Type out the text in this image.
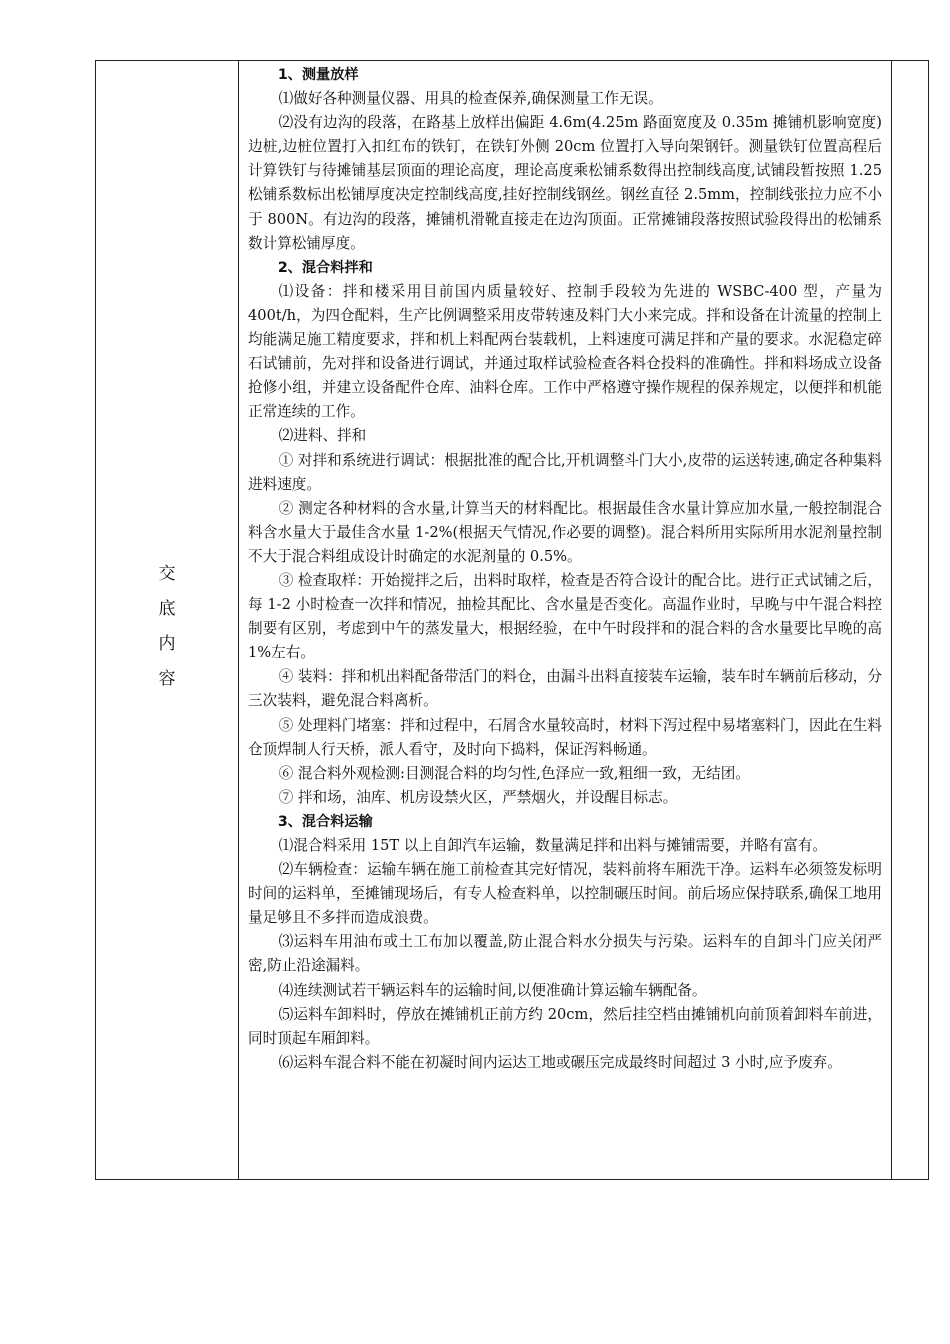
交
底
内
容

1、测量放样

⑴做好各种测量仪器、用具的检查保养,确保测量工作无误。

⑵没有边沟的段落，在路基上放样出偏距 4.6m(4.25m 路面宽度及 0.35m 摊铺机影响宽度)边桩,边桩位置打入扣红布的铁钉，在铁钉外侧 20cm 位置打入导向架钢钎。测量铁钉位置高程后计算铁钉与待摊铺基层顶面的理论高度，理论高度乘松铺系数得出控制线高度,试铺段暂按照 1.25 松铺系数标出松铺厚度决定控制线高度,挂好控制线钢丝。钢丝直径 2.5mm，控制线张拉力应不小于 800N。有边沟的段落，摊铺机滑靴直接走在边沟顶面。正常摊铺段落按照试验段得出的松铺系数计算松铺厚度。

2、混合料拌和

⑴设备：拌和楼采用目前国内质量较好、控制手段较为先进的 WSBC-400 型，产量为 400t/h，为四仓配料，生产比例调整采用皮带转速及料门大小来完成。拌和设备在计流量的控制上均能满足施工精度要求，拌和机上料配两台装载机，上料速度可满足拌和产量的要求。水泥稳定碎石试铺前，先对拌和设备进行调试，并通过取样试验检查各料仓投料的准确性。拌和料场成立设备抢修小组，并建立设备配件仓库、油料仓库。工作中严格遵守操作规程的保养规定，以便拌和机能正常连续的工作。

⑵进料、拌和

① 对拌和系统进行调试：根据批准的配合比,开机调整斗门大小,皮带的运送转速,确定各种集料进料速度。

② 测定各种材料的含水量,计算当天的材料配比。根据最佳含水量计算应加水量,一般控制混合料含水量大于最佳含水量 1-2%(根据天气情况,作必要的调整)。混合料所用实际所用水泥剂量控制不大于混合料组成设计时确定的水泥剂量的 0.5%。

③ 检查取样：开始搅拌之后，出料时取样，检查是否符合设计的配合比。进行正式试铺之后，每 1-2 小时检查一次拌和情况，抽检其配比、含水量是否变化。高温作业时，早晚与中午混合料控制要有区别，考虑到中午的蒸发量大，根据经验，在中午时段拌和的混合料的含水量要比早晚的高 1%左右。

④ 装料：拌和机出料配备带活门的料仓，由漏斗出料直接装车运输，装车时车辆前后移动，分三次装料，避免混合料离析。

⑤ 处理料门堵塞：拌和过程中，石屑含水量较高时，材料下泻过程中易堵塞料门，因此在生料仓顶焊制人行天桥，派人看守，及时向下捣料，保证泻料畅通。

⑥ 混合料外观检测:目测混合料的均匀性,色泽应一致,粗细一致，无结团。

⑦ 拌和场，油库、机房设禁火区，严禁烟火，并设醒目标志。

3、混合料运输

⑴混合料采用 15T 以上自卸汽车运输，数量满足拌和出料与摊铺需要，并略有富有。

⑵车辆检查：运输车辆在施工前检查其完好情况，装料前将车厢洗干净。运料车必须签发标明时间的运料单，至摊铺现场后，有专人检查料单，以控制碾压时间。前后场应保持联系,确保工地用量足够且不多拌而造成浪费。

⑶运料车用油布或土工布加以覆盖,防止混合料水分损失与污染。运料车的自卸斗门应关闭严密,防止沿途漏料。

⑷连续测试若干辆运料车的运输时间,以便准确计算运输车辆配备。

⑸运料车卸料时，停放在摊铺机正前方约 20cm，然后挂空档由摊铺机向前顶着卸料车前进，同时顶起车厢卸料。

⑹运料车混合料不能在初凝时间内运达工地或碾压完成最终时间超过 3 小时,应予废弃。
